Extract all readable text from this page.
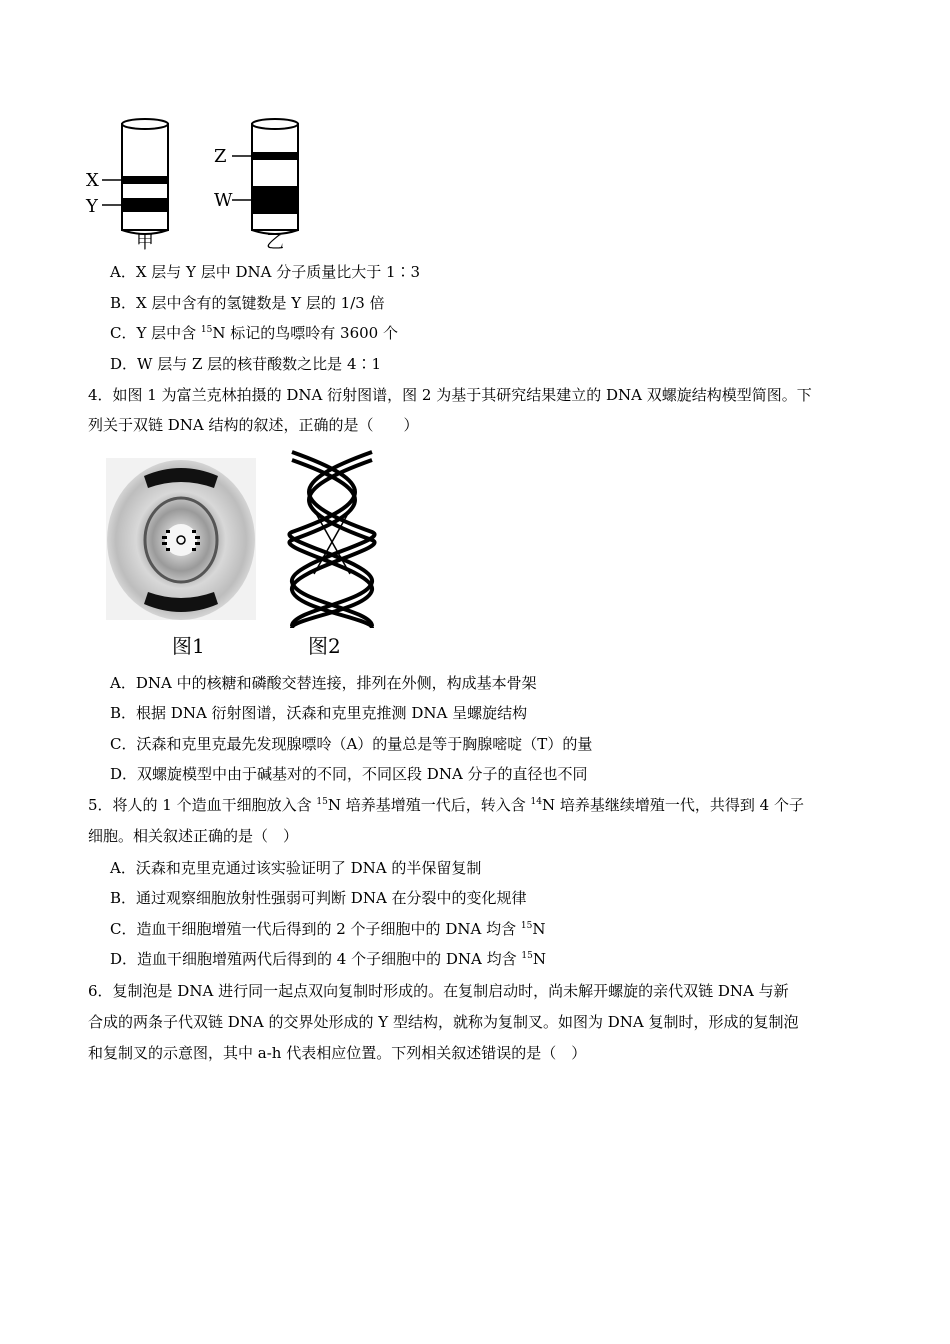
X
Y
Z
W
甲	乙
A．X 层与 Y 层中 DNA 分子质量比大于 1∶3
B．X 层中含有的氢键数是 Y 层的 1/3 倍
C．Y 层中含 $^{15}$N 标记的鸟嘌呤有 3600 个
D．W 层与 Z 层的核苷酸数之比是 4∶1
4．如图 1 为富兰克林拍摄的 DNA 衍射图谱，图 2 为基于其研究结果建立的 DNA 双螺旋结构模型简图。下
列关于双链 DNA 结构的叙述，正确的是（　　）
图1	图2
A．DNA 中的核糖和磷酸交替连接，排列在外侧，构成基本骨架
B．根据 DNA 衍射图谱，沃森和克里克推测 DNA 呈螺旋结构
C．沃森和克里克最先发现腺嘌呤（A）的量总是等于胸腺嘧啶（T）的量
D．双螺旋模型中由于碱基对的不同，不同区段 DNA 分子的直径也不同
5．将人的 1 个造血干细胞放入含 $^{15}$N 培养基增殖一代后，转入含 $^{14}$N 培养基继续增殖一代，共得到 4 个子
细胞。相关叙述正确的是（　）
A．沃森和克里克通过该实验证明了 DNA 的半保留复制
B．通过观察细胞放射性强弱可判断 DNA 在分裂中的变化规律
C．造血干细胞增殖一代后得到的 2 个子细胞中的 DNA 均含 $^{15}$N
D．造血干细胞增殖两代后得到的 4 个子细胞中的 DNA 均含 $^{15}$N
6．复制泡是 DNA 进行同一起点双向复制时形成的。在复制启动时，尚未解开螺旋的亲代双链 DNA 与新
合成的两条子代双链 DNA 的交界处形成的 Y 型结构，就称为复制叉。如图为 DNA 复制时，形成的复制泡
和复制叉的示意图，其中 a-h 代表相应位置。下列相关叙述错误的是（　）
